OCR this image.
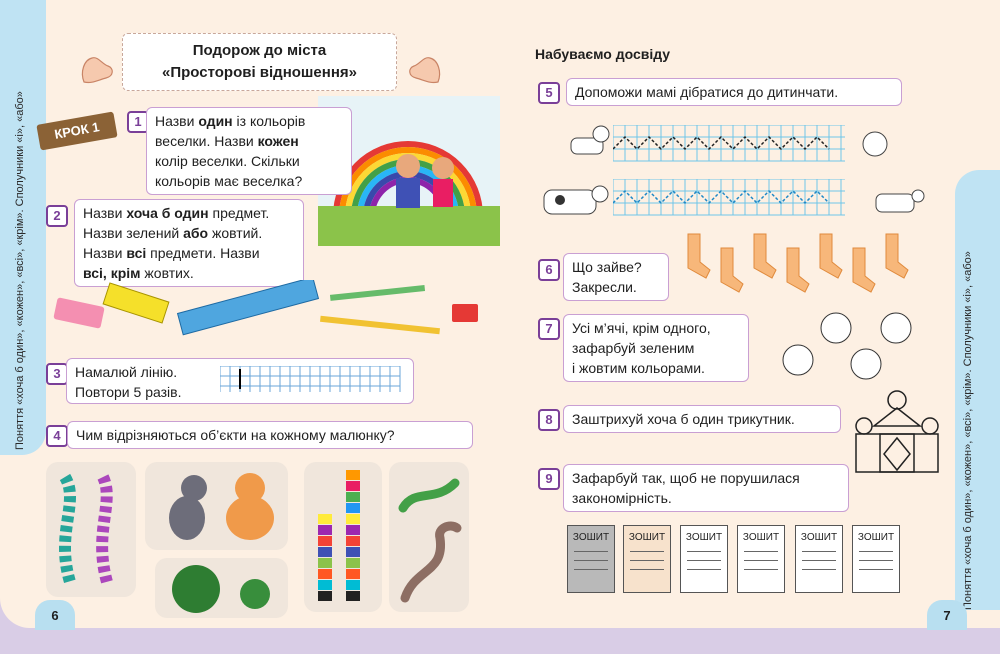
Поняття «хоча б один», «кожен», «всі», «крім». Сполучники «і», «або»	Поняття «хоча б один», «кожен», «всі», «крім». Сполучники «і», «або»
Подорож до міста
«Просторові відношення»
КРОК 1	1 Назви один із кольорів
веселки. Назви кожен
колір веселки. Скільки
кольорів має веселка?
2	Назви хоча б один предмет.
Назви зелений або жовтий.
Назви всі предмети. Назви
всі, крім жовтих.
3	Намалюй лінію.
Повтори 5 разів.
4	Чим відрізняються об’єкти на кожному малюнку?
6
Набуваємо досвіду
5	Допоможи мамі дібратися до дитинчати.
6	Що зайве?
Закресли.
7	Усі м’ячі, крім одного,
зафарбуй зеленим
і жовтим кольорами.
8	Заштрихуй хоча б один трикутник.
9	Зафарбуй так, щоб не порушилася
закономірність.
ЗОШИТ	ЗОШИТ	ЗОШИТ	ЗОШИТ	ЗОШИТ	ЗОШИТ
7
